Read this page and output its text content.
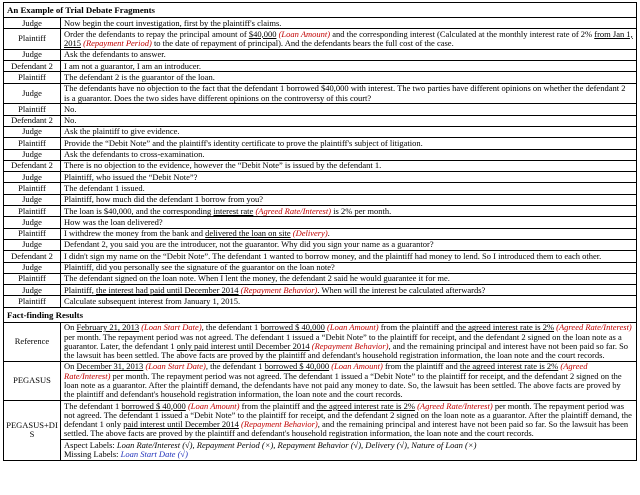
An Example of Trial Debate Fragments	
Judge	Now begin the court investigation, first by the plaintiff's claims.
Plaintiff	Order the defendants to repay the principal amount of $40,000 (Loan Amount) and the corresponding interest (Calculated at the monthly interest rate of 2% from Jan 1, 2015 (Repayment Period) to the date of repayment of principal). And the defendants bears the full cost of the case.
Judge	Ask the defendants to answer.
Defendant 2	I am not a guarantor, I am an introducer.
Plaintiff	The defendant 2 is the guarantor of the loan.
Judge	The defendants have no objection to the fact that the defendant 1 borrowed $40,000 with interest. The two parties have different opinions on whether the defendant 2 is a guarantor. Does the two sides have different opinions on the controversy of this court?
Plaintiff	No.
Defendant 2	No.
Judge	Ask the plaintiff to give evidence.
Plaintiff	Provide the “Debit Note” and the plaintiff's identity certificate to prove the plaintiff's subject of litigation.
Judge	Ask the defendants to cross-examination.
Defendant 2	There is no objection to the evidence, however the “Debit Note” is issued by the defendant 1.
Judge	Plaintiff, who issued the “Debit Note”?
Plaintiff	The defendant 1 issued.
Judge	Plaintiff, how much did the defendant 1 borrow from you?
Plaintiff	The loan is $40,000, and the corresponding interest rate (Agreed Rate/Interest) is 2% per month.
Judge	How was the loan delivered?
Plaintiff	I withdrew the money from the bank and delivered the loan on site (Delivery).
Judge	Defendant 2, you said you are the introducer, not the guarantor. Why did you sign your name as a guarantor?
Defendant 2	I didn't sign my name on the “Debit Note”. The defendant 1 wanted to borrow money, and the plaintiff had money to lend. So I introduced them to each other.
Judge	Plaintiff, did you personally see the signature of the guarantor on the loan note?
Plaintiff	The defendant signed on the loan note. When I lent the money, the defendant 2 said he would guarantee it for me.
Judge	Plaintiff, the interest had paid until December 2014 (Repayment Behavior). When will the interest be calculated afterwards?
Plaintiff	Calculate subsequent interest from January 1, 2015.
Fact-finding Results	
Reference	On February 21, 2013 (Loan Start Date), the defendant 1 borrowed $ 40,000 (Loan Amount) from the plaintiff and the agreed interest rate is 2% (Agreed Rate/Interest) per month. The repayment period was not agreed. The defendant 1 issued a “Debit Note” to the plaintiff for receipt, and the defendant 2 signed on the loan note as a guarantor. Later, the defendant 1 only paid interest until December 2014 (Repayment Behavior), and the remaining principal and interest have not been paid so far. So the lawsuit has been settled. The above facts are proved by the plaintiff and defendant's household registration information, the loan note and the court records.
PEGASUS	On December 31, 2013 (Loan Start Date), the defendant 1 borrowed $ 40,000 (Loan Amount) from the plaintiff and the agreed interest rate is 2% (Agreed Rate/Interest) per month. The repayment period was not agreed. The defendant 1 issued a “Debit Note” to the plaintiff for receipt, and the defendant 2 signed on the loan note as a guarantor. After the plaintiff demand, the defendants have not paid any money to date. So, the lawsuit has been settled. The above facts are proved by the plaintiff and defendant's household registration information, the loan note and the court records.
PEGASUS+DIS	The defendant 1 borrowed $ 40,000 (Loan Amount) from the plaintiff and the agreed interest rate is 2% (Agreed Rate/Interest) per month. The repayment period was not agreed. The defendant 1 issued a “Debit Note” to the plaintiff for receipt, and the defendant 2 signed on the loan note as a guarantor. After the plaintiff demand, the defendant 1 only paid interest until December 2014 (Repayment Behavior), and the remaining principal and interest have not been paid so far. So the lawsuit has been settled. The above facts are proved by the plaintiff and defendant's household registration information, the loan note and the court records.

	Aspect Labels: Loan Rate/Interest (√), Repayment Period (×), Repayment Behavior (√), Delivery (√), Nature of Loan (×)
Missing Labels: Loan Start Date (√)
